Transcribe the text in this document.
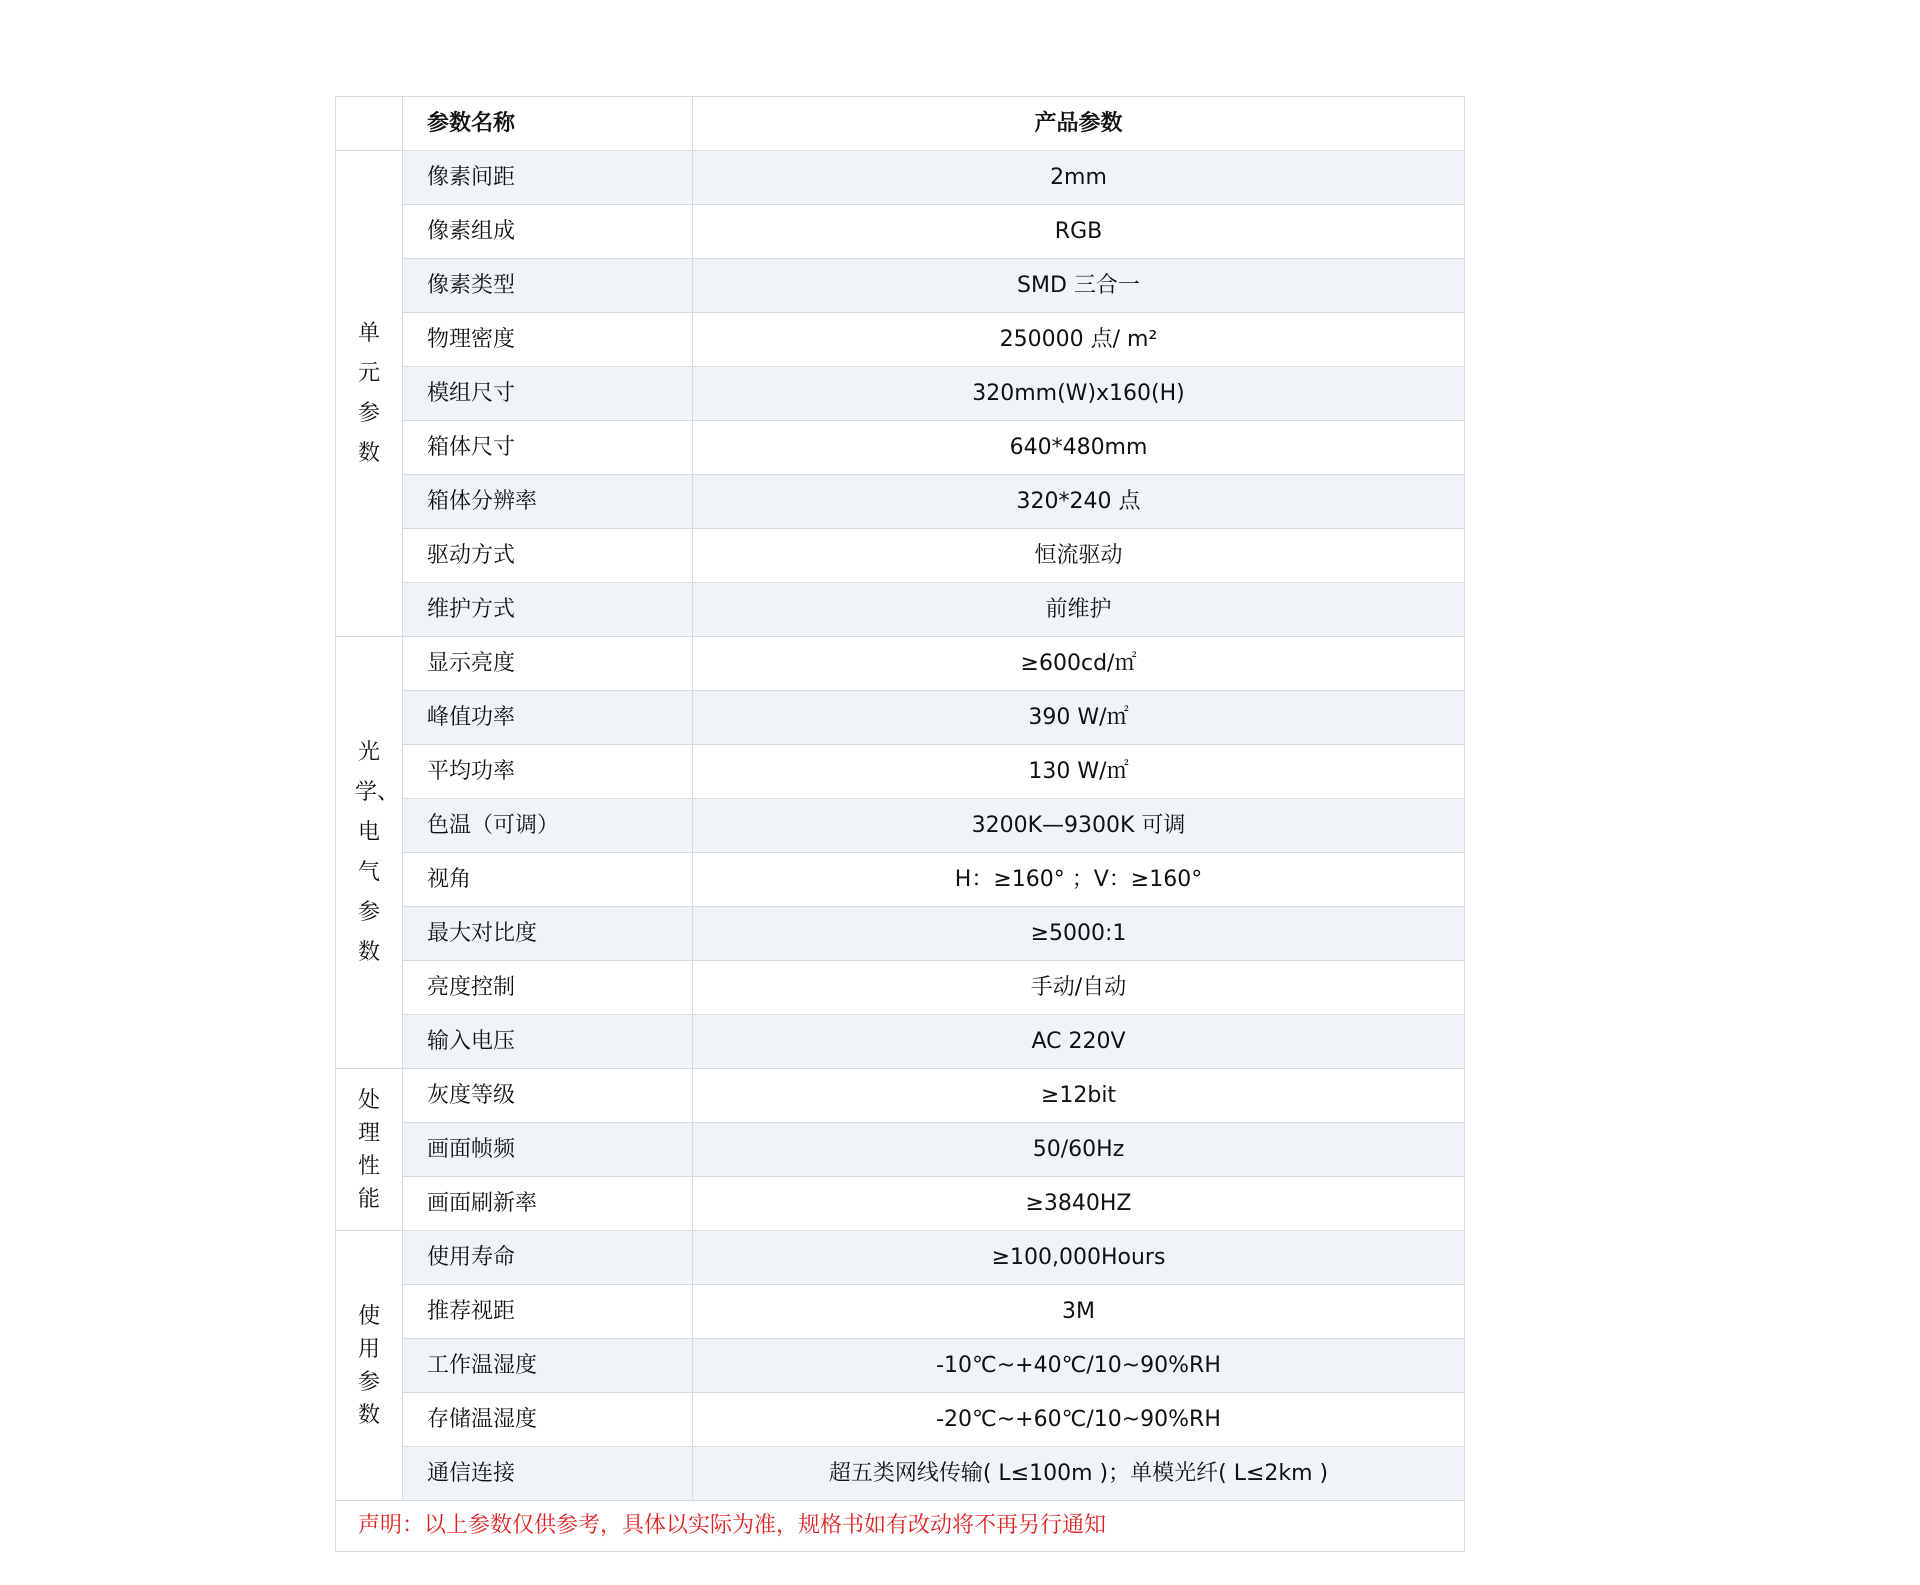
	参数名称	产品参数
单元参数	像素间距	2mm
	像素组成	RGB
	像素类型	SMD 三合一
	物理密度	250000 点/ m²
	模组尺寸	320mm(W)x160(H)
	箱体尺寸	640*480mm
	箱体分辨率	320*240 点
	驱动方式	恒流驱动
	维护方式	前维护
光学、电气参数	显示亮度	≥600cd/㎡
	峰值功率	390 W/㎡
	平均功率	130 W/㎡
	色温（可调）	3200K—9300K 可调
	视角	H：≥160° ；V：≥160°
	最大对比度	≥5000:1
	亮度控制	手动/自动
	输入电压	AC 220V
处理性能	灰度等级	≥12bit
	画面帧频	50/60Hz
	画面刷新率	≥3840HZ
使用参数	使用寿命	≥100,000Hours
	推荐视距	3M
	工作温湿度	-10℃~+40℃/10~90%RH
	存储温湿度	-20℃~+60℃/10~90%RH
	通信连接	超五类网线传输( L≤100m )；单模光纤( L≤2km )
声明：以上参数仅供参考，具体以实际为准，规格书如有改动将不再另行通知		
